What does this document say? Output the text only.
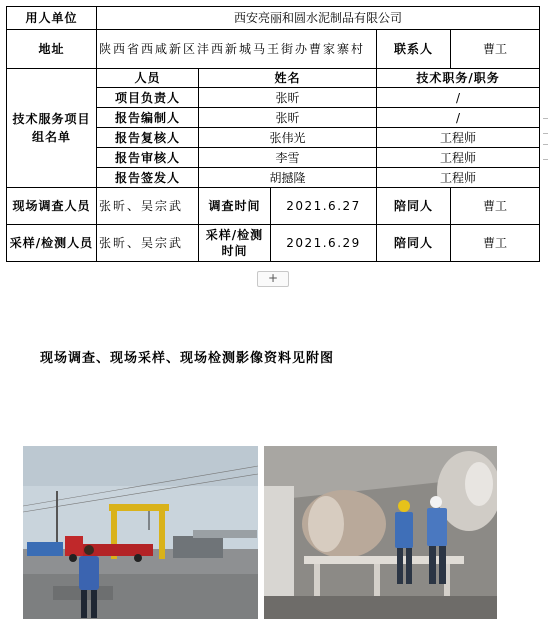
用人单位	西安亮丽和圆水泥制品有限公司				
地址	陕西省西咸新区沣西新城马王街办曹家寨村			联系人	曹工
技术服务项目组名单	人员	姓名		技术职务/职务	
	项目负责人	张昕		/	
	报告编制人	张昕		/	
	报告复核人	张伟光		工程师	
	报告审核人	李雪		工程师	
	报告签发人	胡撼隆		工程师	
现场调查人员	张昕、吴宗武	调查时间	2021.6.27	陪同人	曹工
采样/检测人员	张昕、吴宗武	采样/检测时间	2021.6.29	陪同人	曹工
+
现场调查、现场采样、现场检测影像资料见附图
